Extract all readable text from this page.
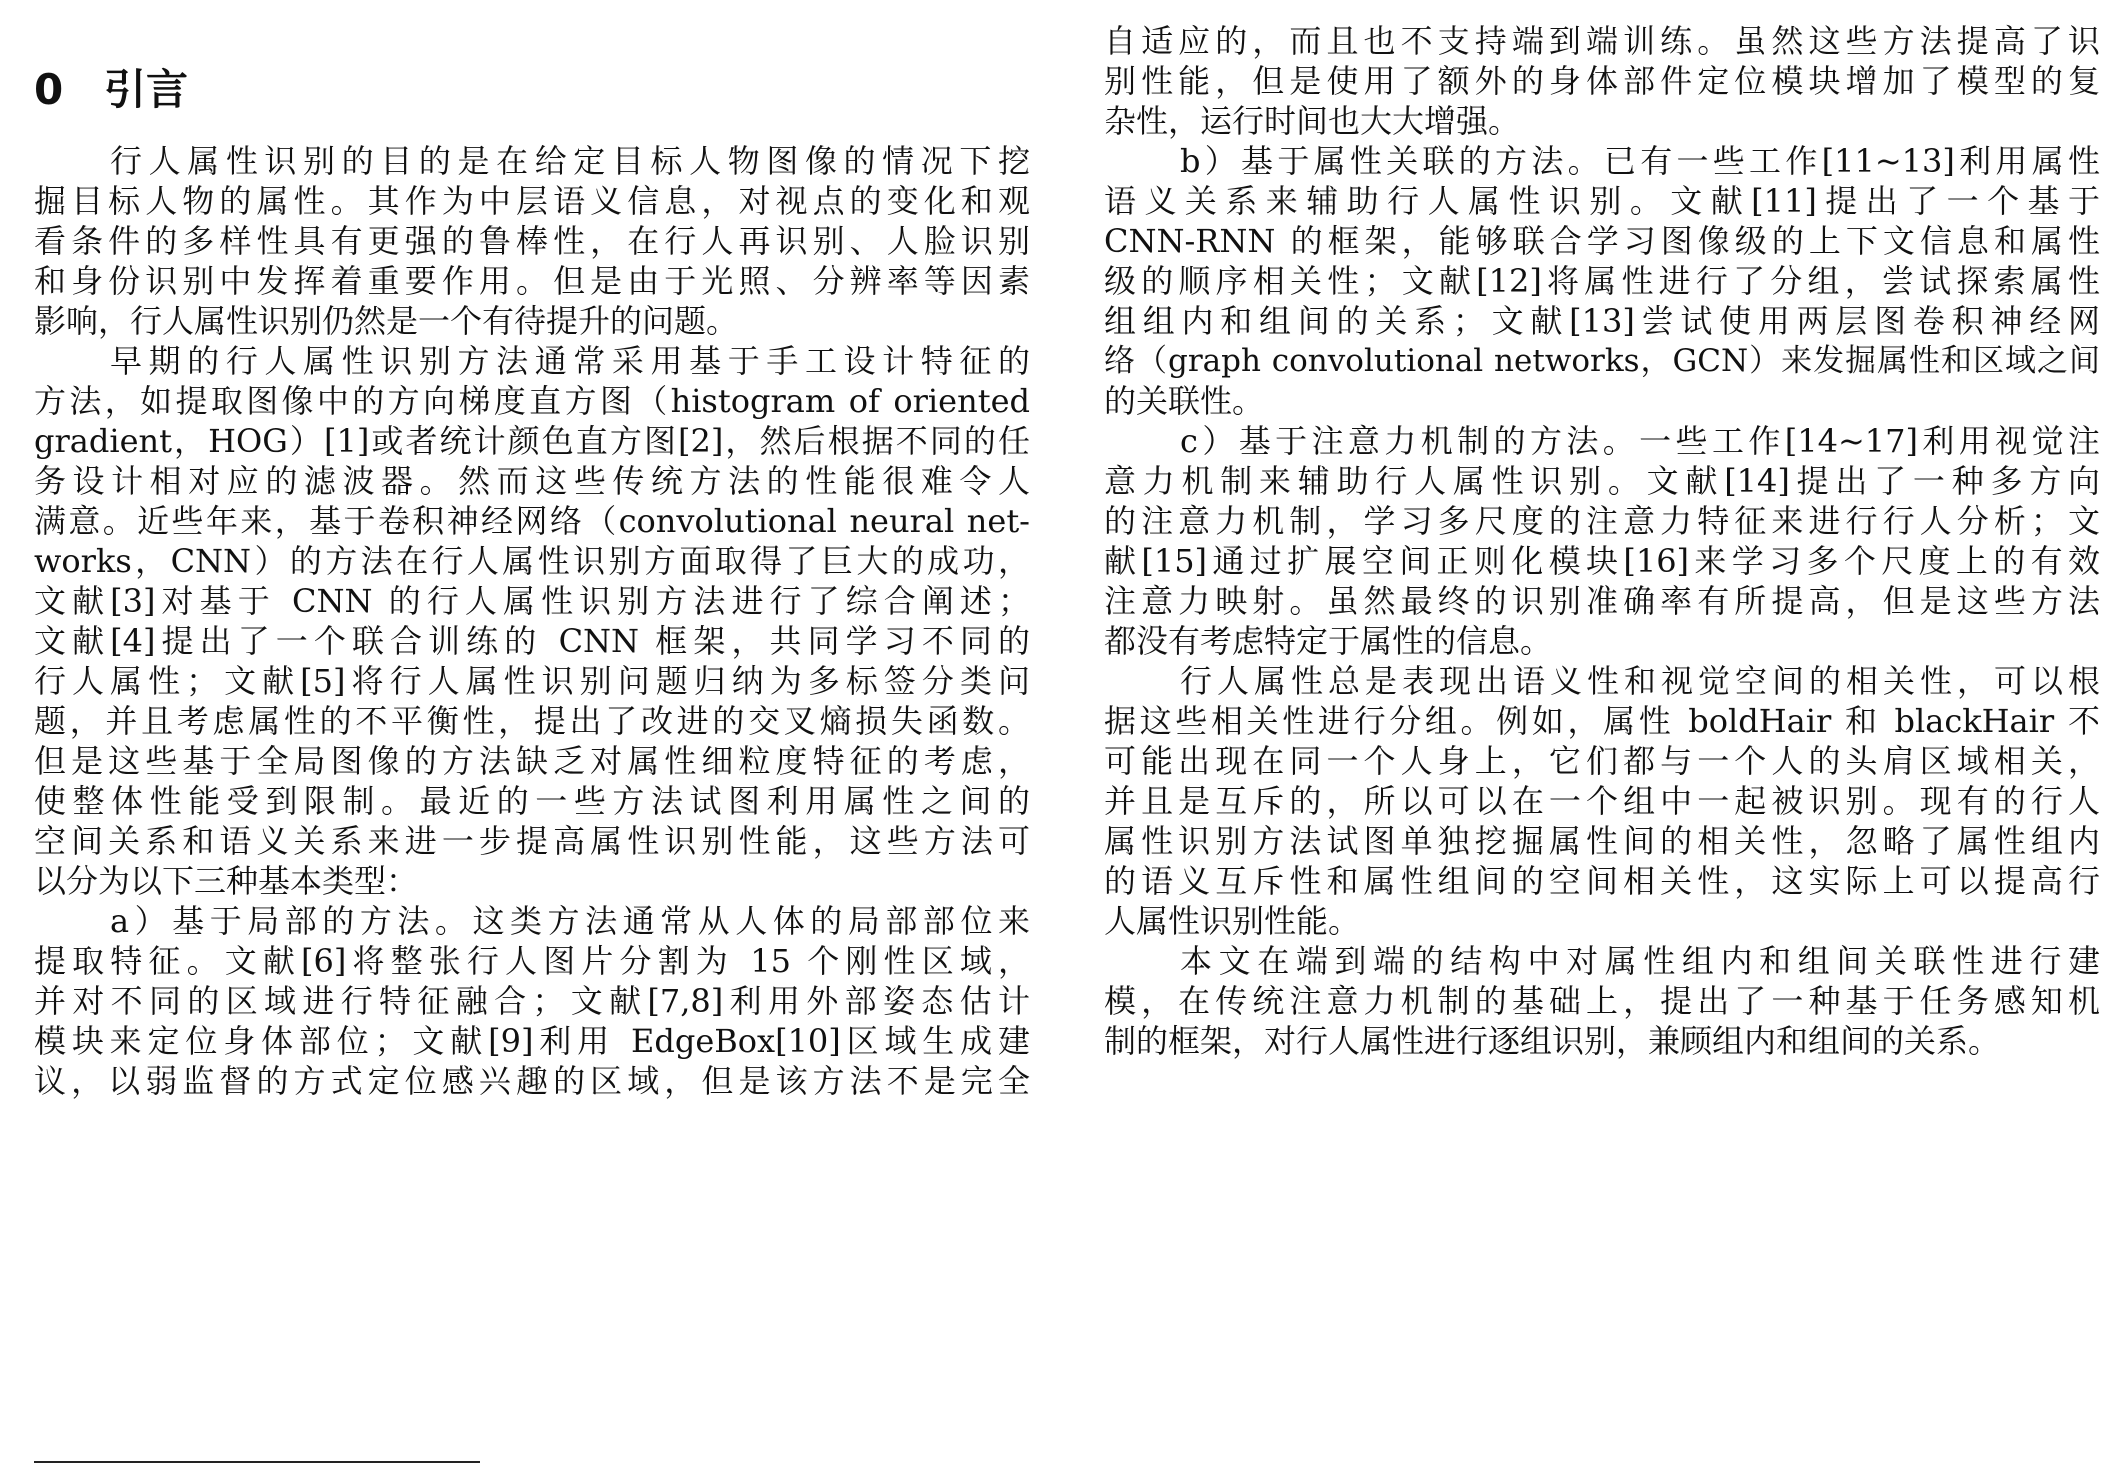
0 引言
行人属性识别的目的是在给定目标人物图像的情况下挖
掘目标人物的属性。其作为中层语义信息，对视点的变化和观
看条件的多样性具有更强的鲁棒性，在行人再识别、人脸识别
和身份识别中发挥着重要作用。但是由于光照、分辨率等因素
影响，行人属性识别仍然是一个有待提升的问题。
早期的行人属性识别方法通常采用基于手工设计特征的
方法，如提取图像中的方向梯度直方图（histogram of oriented
gradient，HOG）[1]或者统计颜色直方图[2]，然后根据不同的任
务设计相对应的滤波器。然而这些传统方法的性能很难令人
满意。近些年来，基于卷积神经网络（convolutional neural net-
works，CNN）的方法在行人属性识别方面取得了巨大的成功，
文献[3]对基于 CNN 的行人属性识别方法进行了综合阐述；
文献[4]提出了一个联合训练的 CNN 框架，共同学习不同的
行人属性；文献[5]将行人属性识别问题归纳为多标签分类问
题，并且考虑属性的不平衡性，提出了改进的交叉熵损失函数。
但是这些基于全局图像的方法缺乏对属性细粒度特征的考虑，
使整体性能受到限制。最近的一些方法试图利用属性之间的
空间关系和语义关系来进一步提高属性识别性能，这些方法可
以分为以下三种基本类型：
a）基于局部的方法。这类方法通常从人体的局部部位来
提取特征。文献[6]将整张行人图片分割为 15 个刚性区域，
并对不同的区域进行特征融合；文献[7,8]利用外部姿态估计
模块来定位身体部位；文献[9]利用 EdgeBox[10]区域生成建
议，以弱监督的方式定位感兴趣的区域，但是该方法不是完全
自适应的，而且也不支持端到端训练。虽然这些方法提高了识
别性能，但是使用了额外的身体部件定位模块增加了模型的复
杂性，运行时间也大大增强。
b）基于属性关联的方法。已有一些工作[11~13]利用属性
语义关系来辅助行人属性识别。文献[11]提出了一个基于
CNN-RNN 的框架，能够联合学习图像级的上下文信息和属性
级的顺序相关性；文献[12]将属性进行了分组，尝试探索属性
组组内和组间的关系；文献[13]尝试使用两层图卷积神经网
络（graph convolutional networks，GCN）来发掘属性和区域之间
的关联性。
c）基于注意力机制的方法。一些工作[14~17]利用视觉注
意力机制来辅助行人属性识别。文献[14]提出了一种多方向
的注意力机制，学习多尺度的注意力特征来进行行人分析；文
献[15]通过扩展空间正则化模块[16]来学习多个尺度上的有效
注意力映射。虽然最终的识别准确率有所提高，但是这些方法
都没有考虑特定于属性的信息。
行人属性总是表现出语义性和视觉空间的相关性，可以根
据这些相关性进行分组。例如，属性 boldHair 和 blackHair 不
可能出现在同一个人身上，它们都与一个人的头肩区域相关，
并且是互斥的，所以可以在一个组中一起被识别。现有的行人
属性识别方法试图单独挖掘属性间的相关性，忽略了属性组内
的语义互斥性和属性组间的空间相关性，这实际上可以提高行
人属性识别性能。
本文在端到端的结构中对属性组内和组间关联性进行建
模，在传统注意力机制的基础上，提出了一种基于任务感知机
制的框架，对行人属性进行逐组识别，兼顾组内和组间的关系。
